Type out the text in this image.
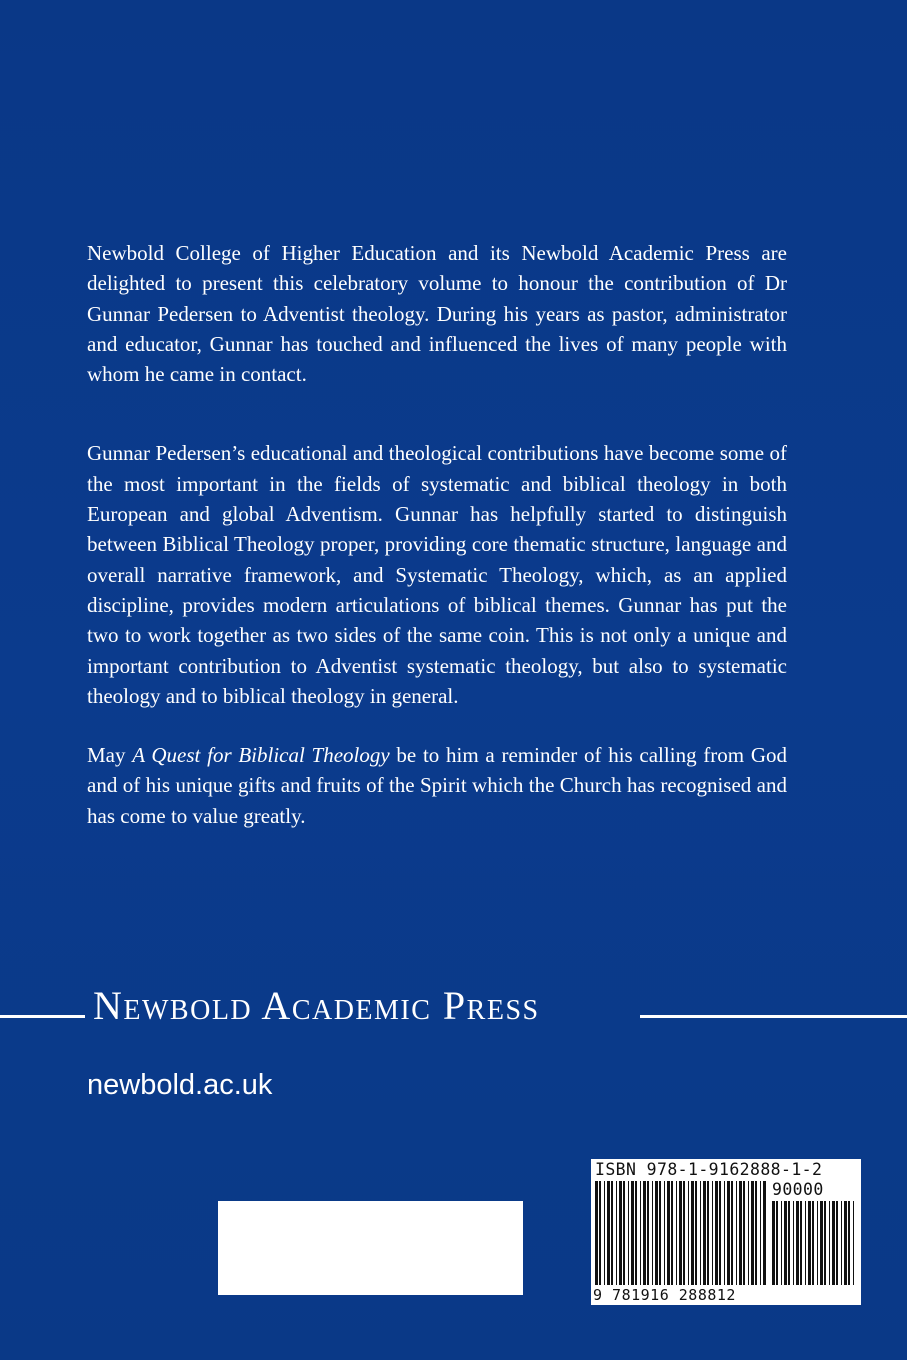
Newbold College of Higher Education and its Newbold Academic Press are delighted to present this celebratory volume to honour the contribution of Dr Gunnar Pedersen to Adventist theology. During his years as pastor, administrator and educator, Gunnar has touched and influenced the lives of many people with whom he came in contact.

Gunnar Pedersen’s educational and theological contributions have become some of the most important in the fields of systematic and biblical theology in both European and global Adventism. Gunnar has helpfully started to distinguish between Biblical Theology proper, providing core thematic structure, language and overall narrative framework, and Systematic Theology, which, as an applied discipline, provides modern articulations of biblical themes. Gunnar has put the two to work together as two sides of the same coin. This is not only a unique and important contribution to Adventist systematic theology, but also to systematic theology and to biblical theology in general.

May A Quest for Biblical Theology be to him a reminder of his calling from God and of his unique gifts and fruits of the Spirit which the Church has recognised and has come to value greatly.

Newbold Academic Press
newbold.ac.uk
ISBN 978-1-9162888-1-2
90000
9 781916 288812
